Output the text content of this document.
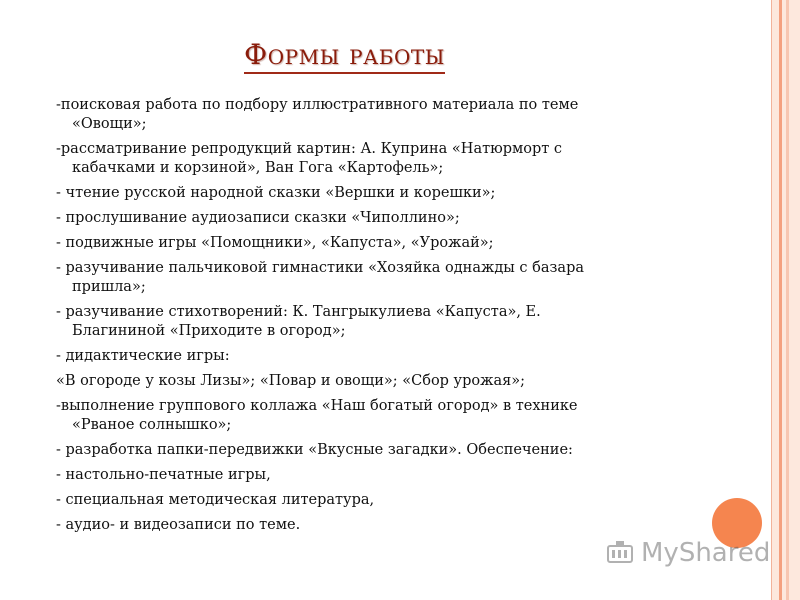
Формы работы
-поисковая работа по подбору иллюстративного материала по теме
«Овощи»;
-рассматривание репродукций картин: А. Куприна «Натюрморт с
кабачками и корзиной», Ван Гога «Картофель»;
- чтение русской народной сказки «Вершки и корешки»;
- прослушивание аудиозаписи сказки «Чиполлино»;
- подвижные игры «Помощники», «Капуста», «Урожай»;
- разучивание пальчиковой гимнастики «Хозяйка однажды с базара
пришла»;
- разучивание стихотворений: К. Тангрыкулиева «Капуста», Е.
Благининой «Приходите в огород»;
- дидактические игры:
«В огороде у козы Лизы»; «Повар и овощи»; «Сбор урожая»;
-выполнение группового коллажа «Наш богатый огород» в технике
«Рваное солнышко»;
- разработка папки-передвижки «Вкусные загадки». Обеспечение:
- настольно-печатные игры,
- специальная методическая литература,
- аудио- и видеозаписи по теме.
MyShared
